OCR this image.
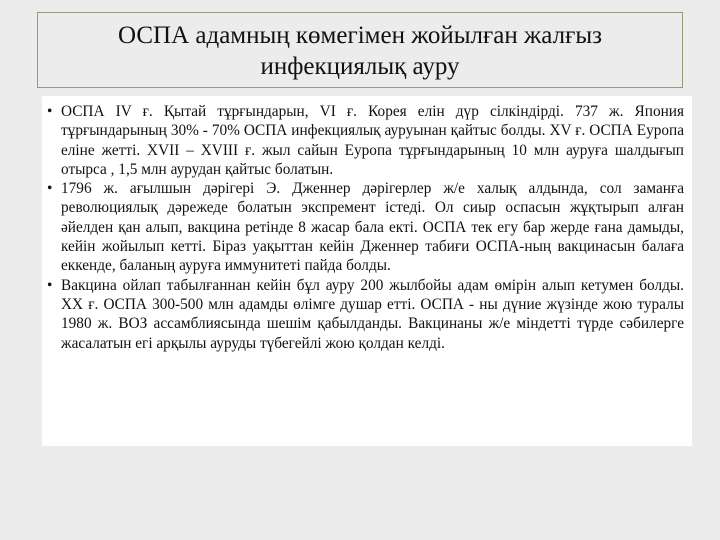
ОСПА адамның көмегімен жойылған жалғыз
инфекциялық ауру
• ОСПА IV ғ. Қытай тұрғындарын, VI ғ. Корея елін дүр сілкіндірді. 737 ж. Япония тұрғындарының 30% - 70% ОСПА инфекциялық ауруынан қайтыс болды. XV ғ. ОСПА Еуропа еліне жетті. XVII – XVIII ғ. жыл сайын Еуропа тұрғындарының 10 млн ауруға шалдығып отырса , 1,5 млн аурудан қайтыс болатын.
• 1796 ж. ағылшын дәрігері Э. Дженнер дәрігерлер ж/е халық алдында, сол заманға революциялық дәрежеде болатын экспремент істеді. Ол сиыр оспасын жұқтырып алған әйелден қан алып, вакцина ретінде 8 жасар бала екті. ОСПА тек егу бар жерде ғана дамыды, кейін жойылып кетті. Біраз уақыттан кейін Дженнер табиғи ОСПА-ның вакцинасын балаға еккенде, баланың ауруға иммунитеті пайда болды.
• Вакцина ойлап табылғаннан кейін бұл ауру 200 жылбойы адам өмірін алып кетумен болды. XX ғ. ОСПА 300-500 млн адамды өлімге душар етті. ОСПА - ны дүние жүзінде жою туралы 1980 ж. ВОЗ ассамблиясында шешім қабылданды. Вакцинаны ж/е міндетті түрде сәбилерге жасалатын егі арқылы ауруды түбегейлі жою қолдан келді.
